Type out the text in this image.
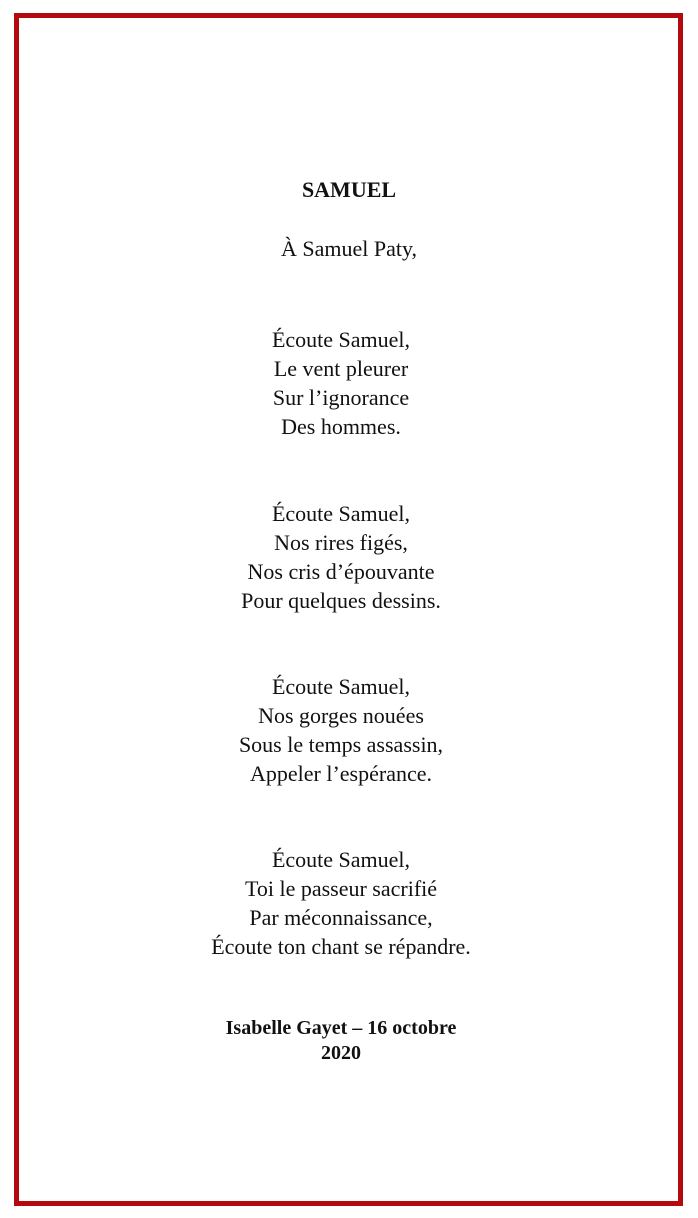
SAMUEL
À Samuel Paty,
Écoute Samuel,
Le vent pleurer
Sur l’ignorance
Des hommes.
Écoute Samuel,
Nos rires figés,
Nos cris d’épouvante
Pour quelques dessins.
Écoute Samuel,
Nos gorges nouées
Sous le temps assassin,
Appeler l’espérance.
Écoute Samuel,
Toi le passeur sacrifié
Par méconnaissance,
Écoute ton chant se répandre.
Isabelle Gayet – 16 octobre
2020
